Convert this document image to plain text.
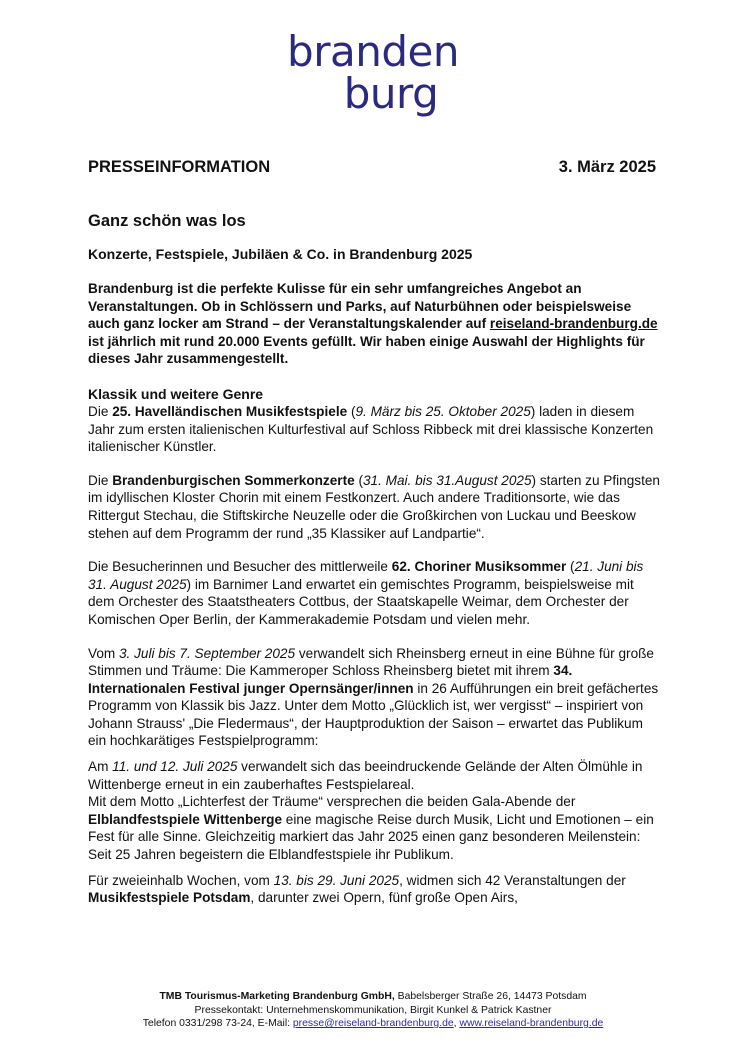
branden
burg
PRESSEINFORMATION	3. März 2025
Ganz schön was los
Konzerte, Festspiele, Jubiläen & Co. in Brandenburg 2025

Brandenburg ist die perfekte Kulisse für ein sehr umfangreiches Angebot an Veranstaltungen. Ob in Schlössern und Parks, auf Naturbühnen oder beispielsweise auch ganz locker am Strand – der Veranstaltungskalender auf reiseland-brandenburg.de ist jährlich mit rund 20.000 Events gefüllt. Wir haben einige Auswahl der Highlights für dieses Jahr zusammengestellt.

Klassik und weitere Genre

Die 25. Havelländischen Musikfestspiele (9. März bis 25. Oktober 2025) laden in diesem Jahr zum ersten italienischen Kulturfestival auf Schloss Ribbeck mit drei klassische Konzerten italienischer Künstler.

Die Brandenburgischen Sommerkonzerte (31. Mai. bis 31.August 2025) starten zu Pfingsten im idyllischen Kloster Chorin mit einem Festkonzert. Auch andere Traditionsorte, wie das Rittergut Stechau, die Stiftskirche Neuzelle oder die Großkirchen von Luckau und Beeskow stehen auf dem Programm der rund „35 Klassiker auf Landpartie“.

Die Besucherinnen und Besucher des mittlerweile 62. Choriner Musiksommer (21. Juni bis 31. August 2025) im Barnimer Land erwartet ein gemischtes Programm, beispielsweise mit dem Orchester des Staatstheaters Cottbus, der Staatskapelle Weimar, dem Orchester der Komischen Oper Berlin, der Kammerakademie Potsdam und vielen mehr.

Vom 3. Juli bis 7. September 2025 verwandelt sich Rheinsberg erneut in eine Bühne für große Stimmen und Träume: Die Kammeroper Schloss Rheinsberg bietet mit ihrem 34. Internationalen Festival junger Opernsänger/innen in 26 Aufführungen ein breit gefächertes Programm von Klassik bis Jazz. Unter dem Motto „Glücklich ist, wer vergisst“ – inspiriert von Johann Strauss' „Die Fledermaus“, der Hauptproduktion der Saison – erwartet das Publikum ein hochkarätiges Festspielprogramm:

Am 11. und 12. Juli 2025 verwandelt sich das beeindruckende Gelände der Alten Ölmühle in Wittenberge erneut in ein zauberhaftes Festspielareal.
Mit dem Motto „Lichterfest der Träume“ versprechen die beiden Gala-Abende der Elblandfestspiele Wittenberge eine magische Reise durch Musik, Licht und Emotionen – ein Fest für alle Sinne. Gleichzeitig markiert das Jahr 2025 einen ganz besonderen Meilenstein: Seit 25 Jahren begeistern die Elblandfestspiele ihr Publikum.

Für zweieinhalb Wochen, vom 13. bis 29. Juni 2025, widmen sich 42 Veranstaltungen der Musikfestspiele Potsdam, darunter zwei Opern, fünf große Open Airs,

TMB Tourismus-Marketing Brandenburg GmbH, Babelsberger Straße 26, 14473 Potsdam
Pressekontakt: Unternehmenskommunikation, Birgit Kunkel & Patrick Kastner
Telefon 0331/298 73-24, E-Mail: presse@reiseland-brandenburg.de, www.reiseland-brandenburg.de
